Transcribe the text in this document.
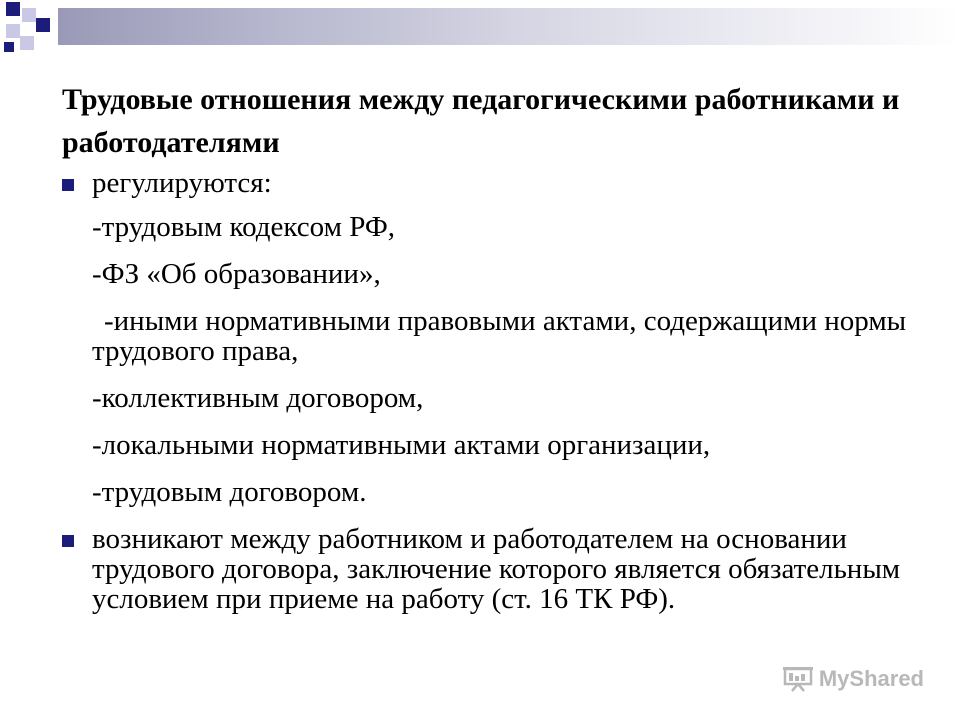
Трудовые отношения между педагогическими работниками и работодателями
регулируются:
-трудовым кодексом РФ,
-ФЗ «Об образовании»,
-иными нормативными правовыми актами, содержащими нормы трудового права,
-коллективным договором,
-локальными нормативными актами организации,
-трудовым договором.
возникают между работником и работодателем на основании трудового договора, заключение которого является обязательным условием при приеме на работу (ст. 16 ТК РФ).
MyShared
